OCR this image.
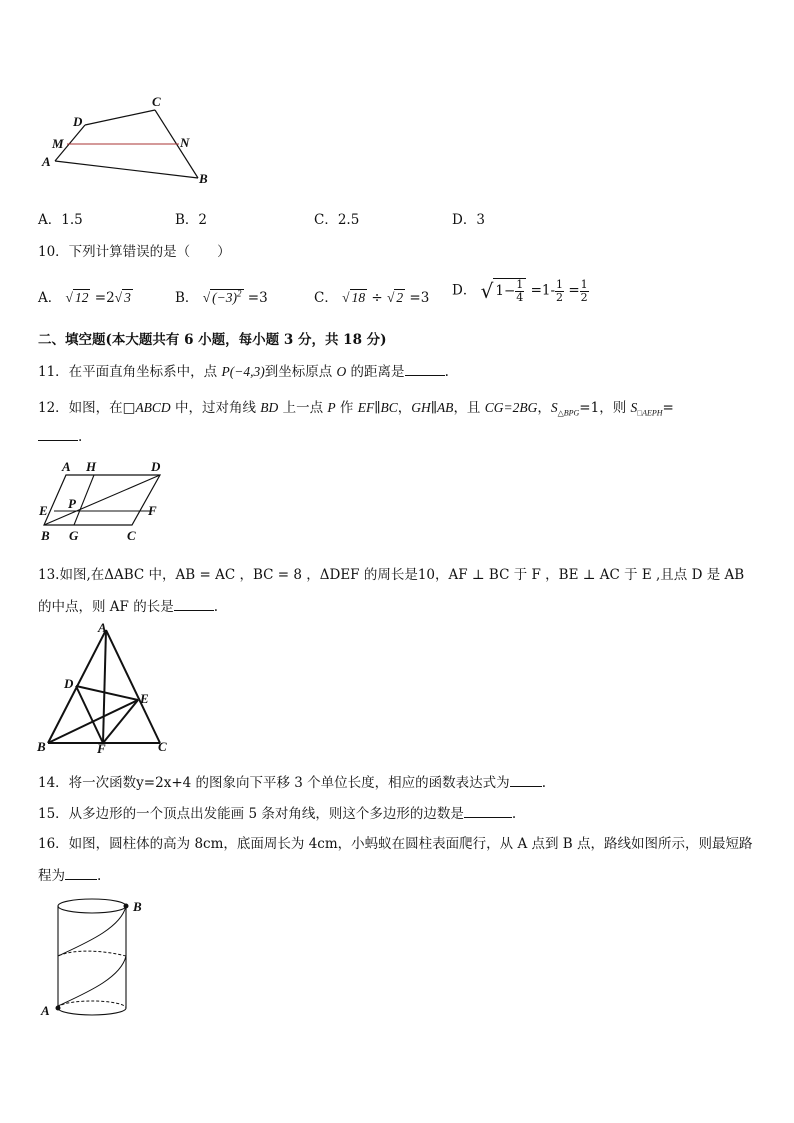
D
C
M	N
A
B
A．1.5	B．2	C．2.5	D．3
10．下列计算错误的是（　　）
A． √ 12 =2√ 3	B． √ $(-3)^2 =3$	C． √ 18 ÷ √ 2 =3 D． √ $1- \frac{1}{4} =1- \frac{1}{2} = \frac{1}{2}$
二、填空题(本大题共有 6 小题，每小题 3 分，共 18 分)
11．在平面直角坐标系中，点 P(−4,3)到坐标原点 O 的距离是	.
12．如图，在□ABCD 中，过对角线 BD 上一点 P 作 EF∥BC，GH∥AB，且 CG=2BG，$S_{\triangle BPG}=1$，则 $S_{□AEPH}=$
.
A H	D
E P	F
B G	C
13.如图,在ΔABC 中，AB = AC ，BC = 8 ，ΔDEF 的周长是10，AF ⊥ BC 于 F ，BE ⊥ AC 于 E ,且点 D 是 AB
的中点，则 AF 的长是	.
A
D
E
B	F	C
14．将一次函数y=2x+4 的图象向下平移 3 个单位长度，相应的函数表达式为 .
15．从多边形的一个顶点出发能画 5 条对角线，则这个多边形的边数是	.
16．如图，圆柱体的高为 8cm，底面周长为 4cm，小蚂蚁在圆柱表面爬行，从 A 点到 B 点，路线如图所示，则最短路
程为 .
A
B
